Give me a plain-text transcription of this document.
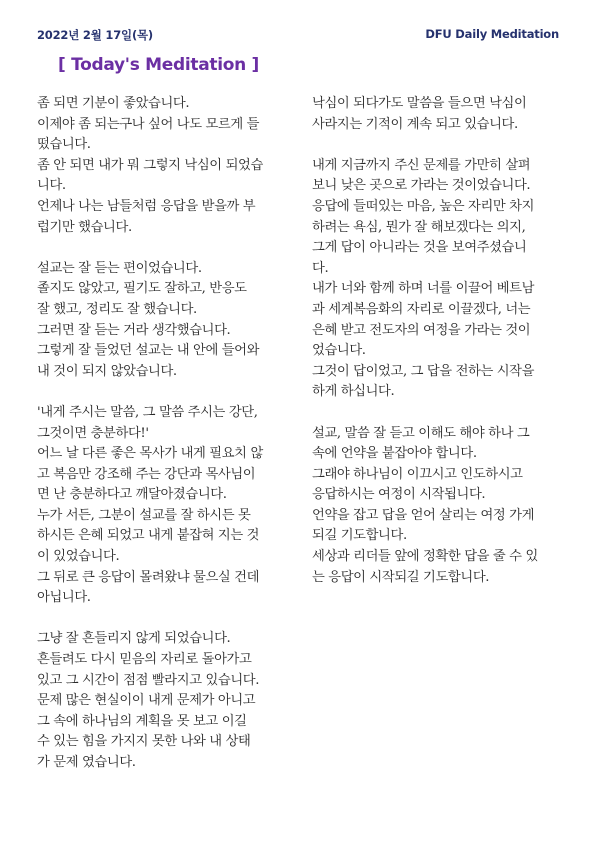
2022년 2월 17일(목)	DFU Daily Meditation
[ Today's Meditation ]
좀 되면 기분이 좋았습니다.
이제야 좀 되는구나 싶어 나도 모르게 들
떴습니다.
좀 안 되면 내가 뭐 그렇지 낙심이 되었습
니다.
언제나 나는 남들처럼 응답을 받을까 부
럽기만 했습니다.
설교는 잘 듣는 편이었습니다.
졸지도 않았고, 필기도 잘하고, 반응도
잘 했고, 정리도 잘 했습니다.
그러면 잘 듣는 거라 생각했습니다.
그렇게 잘 들었던 설교는 내 안에 들어와
내 것이 되지 않았습니다.
'내게 주시는 말씀, 그 말씀 주시는 강단,
그것이면 충분하다!'
어느 날 다른 좋은 목사가 내게 필요치 않
고 복음만 강조해 주는 강단과 목사님이
면 난 충분하다고 깨달아졌습니다.
누가 서든, 그분이 설교를 잘 하시든 못
하시든 은혜 되었고 내게 붙잡혀 지는 것
이 있었습니다.
그 뒤로 큰 응답이 몰려왔냐 물으실 건데
아닙니다.
그냥 잘 흔들리지 않게 되었습니다.
흔들려도 다시 믿음의 자리로 돌아가고
있고 그 시간이 점점 빨라지고 있습니다.
문제 많은 현실이이 내게 문제가 아니고
그 속에 하나님의 계획을 못 보고 이길
수 있는 힘을 가지지 못한 나와 내 상태
가 문제 였습니다.
낙심이 되다가도 말씀을 들으면 낙심이
사라지는 기적이 계속 되고 있습니다.
내게 지금까지 주신 문제를 가만히 살펴
보니 낮은 곳으로 가라는 것이었습니다.
응답에 들떠있는 마음, 높은 자리만 차지
하려는 욕심, 뭔가 잘 해보겠다는 의지,
그게 답이 아니라는 것을 보여주셨습니
다.
내가 너와 함께 하며 너를 이끌어 베트남
과 세계복음화의 자리로 이끌겠다, 너는
은혜 받고 전도자의 여정을 가라는 것이
었습니다.
그것이 답이었고, 그 답을 전하는 시작을
하게 하십니다.
설교, 말씀 잘 듣고 이해도 해야 하나 그
속에 언약을 붙잡아야 합니다.
그래야 하나님이 이끄시고 인도하시고
응답하시는 여정이 시작됩니다.
언약을 잡고 답을 얻어 살리는 여정 가게
되길 기도합니다.
세상과 리더들 앞에 정확한 답을 줄 수 있
는 응답이 시작되길 기도합니다.
